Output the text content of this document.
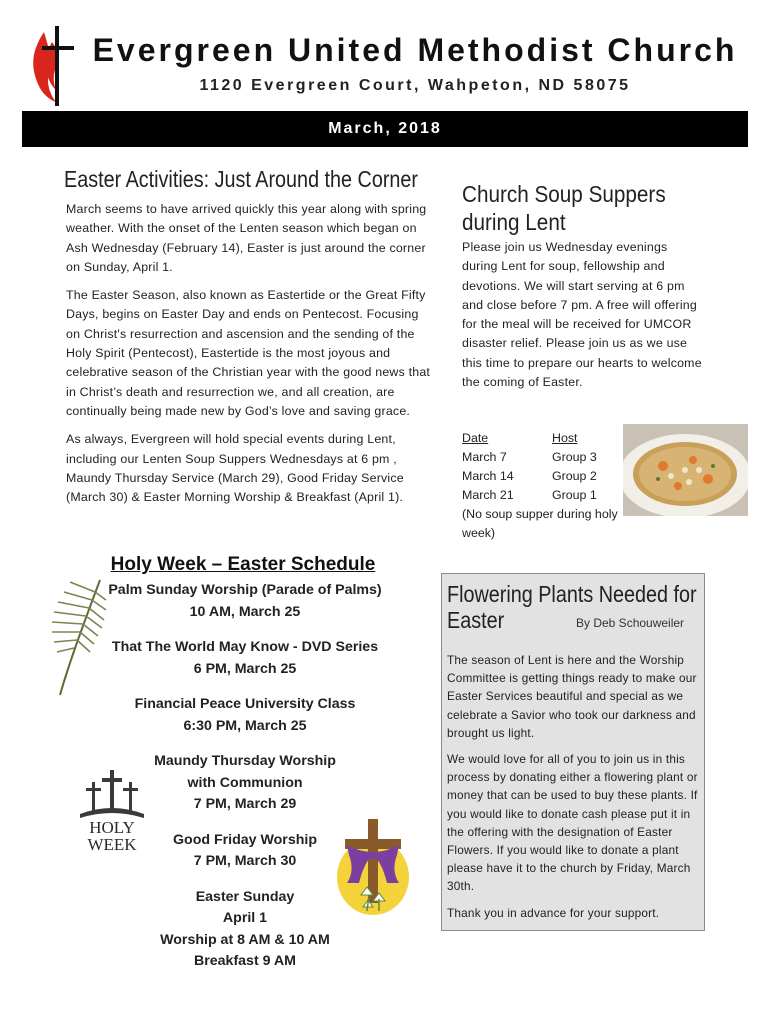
Evergreen United Methodist Church
1120 Evergreen Court, Wahpeton, ND 58075
March, 2018
Easter Activities: Just Around the Corner

March seems to have arrived quickly this year along with spring weather. With the onset of the Lenten season which began on Ash Wednesday (February 14), Easter is just around the corner on Sunday, April 1.

The Easter Season, also known as Eastertide or the Great Fifty Days, begins on Easter Day and ends on Pentecost. Focusing on Christ's resurrection and ascension and the sending of the Holy Spirit (Pentecost), Eastertide is the most joyous and celebrative season of the Christian year with the good news that in Christ’s death and resurrection we, and all creation, are continually being made new by God’s love and saving grace.

As always, Evergreen will hold special events during Lent, including our Lenten Soup Suppers Wednesdays at 6 pm , Maundy Thursday Service (March 29), Good Friday Service (March 30) & Easter Morning Worship & Breakfast (April 1).

Church Soup Suppers during Lent

Please join us Wednesday evenings during Lent for soup, fellowship and devotions. We will start serving at 6 pm and close before 7 pm. A free will offering for the meal will be received for UMCOR disaster relief. Please join us as we use this time to prepare our hearts to welcome the coming of Easter.

Date	Host
March 7	Group 3
March 14	Group 2
March 21	Group 1
(No soup supper during holy week)
Holy Week – Easter Schedule
Palm Sunday Worship (Parade of Palms)
10 AM, March 25
That The World May Know - DVD Series
6 PM, March 25
Financial Peace University Class
6:30 PM, March 25
Maundy Thursday Worship
with Communion
7 PM, March 29
Good Friday Worship
7 PM, March 30
Easter Sunday
April 1
Worship at 8 AM & 10 AM
Breakfast 9 AM
HOLY
WEEK
Flowering Plants Needed for
Easter	By Deb Schouweiler

The season of Lent is here and the Worship Committee is getting things ready to make our Easter Services beautiful and special as we celebrate a Savior who took our darkness and brought us light.

We would love for all of you to join us in this process by donating either a flowering plant or money that can be used to buy these plants. If you would like to donate cash please put it in the offering with the designation of Easter Flowers. If you would like to donate a plant please have it to the church by Friday, March 30th.

Thank you in advance for your support.
